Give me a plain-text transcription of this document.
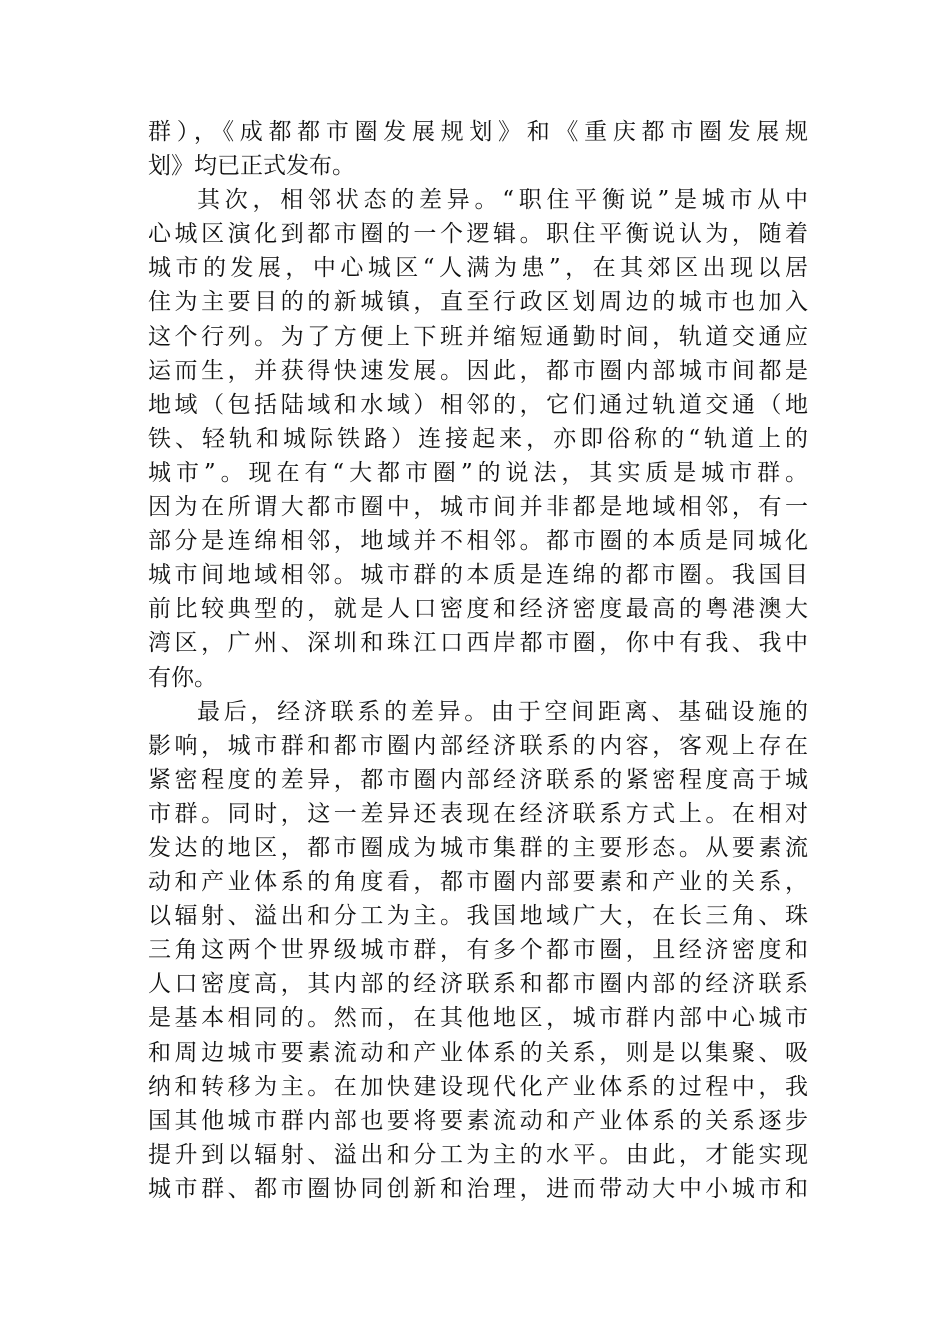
群），《成都都市圈发展规划》和《重庆都市圈发展规
划》均已正式发布。
其次，相邻状态的差异。“职住平衡说”是城市从中
心城区演化到都市圈的一个逻辑。职住平衡说认为，随着
城市的发展，中心城区“人满为患”，在其郊区出现以居
住为主要目的的新城镇，直至行政区划周边的城市也加入
这个行列。为了方便上下班并缩短通勤时间，轨道交通应
运而生，并获得快速发展。因此，都市圈内部城市间都是
地域（包括陆域和水域）相邻的，它们通过轨道交通（地
铁、轻轨和城际铁路）连接起来，亦即俗称的“轨道上的
城市”。现在有“大都市圈”的说法，其实质是城市群。
因为在所谓大都市圈中，城市间并非都是地域相邻，有一
部分是连绵相邻，地域并不相邻。都市圈的本质是同城化
城市间地域相邻。城市群的本质是连绵的都市圈。我国目
前比较典型的，就是人口密度和经济密度最高的粤港澳大
湾区，广州、深圳和珠江口西岸都市圈，你中有我、我中
有你。
最后，经济联系的差异。由于空间距离、基础设施的
影响，城市群和都市圈内部经济联系的内容，客观上存在
紧密程度的差异，都市圈内部经济联系的紧密程度高于城
市群。同时，这一差异还表现在经济联系方式上。在相对
发达的地区，都市圈成为城市集群的主要形态。从要素流
动和产业体系的角度看，都市圈内部要素和产业的关系，
以辐射、溢出和分工为主。我国地域广大，在长三角、珠
三角这两个世界级城市群，有多个都市圈，且经济密度和
人口密度高，其内部的经济联系和都市圈内部的经济联系
是基本相同的。然而，在其他地区，城市群内部中心城市
和周边城市要素流动和产业体系的关系，则是以集聚、吸
纳和转移为主。在加快建设现代化产业体系的过程中，我
国其他城市群内部也要将要素流动和产业体系的关系逐步
提升到以辐射、溢出和分工为主的水平。由此，才能实现
城市群、都市圈协同创新和治理，进而带动大中小城市和
